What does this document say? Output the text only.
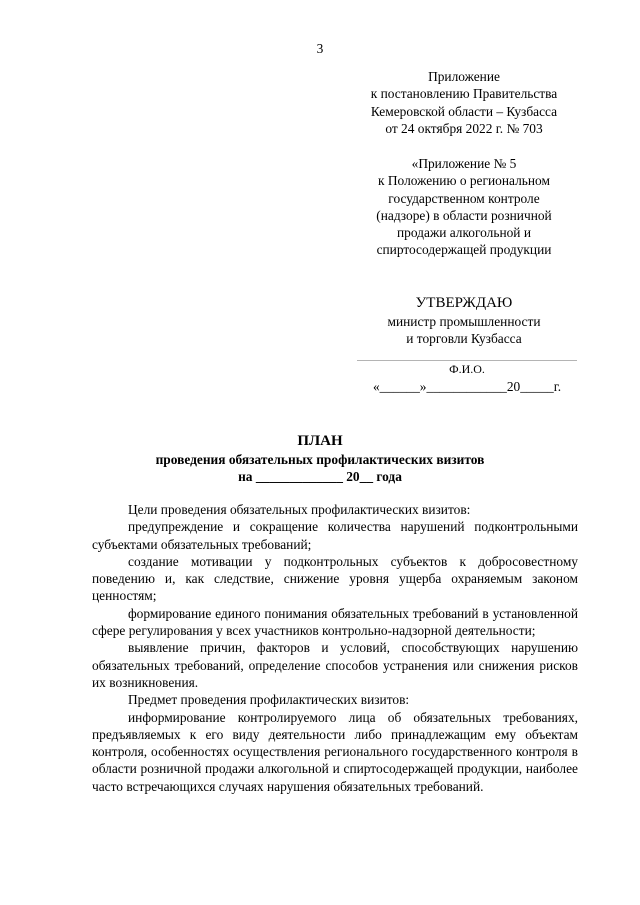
3
Приложение
к постановлению Правительства
Кемеровской области – Кузбасса
от 24 октября 2022 г. № 703
«Приложение № 5
к Положению о региональном
государственном контроле
(надзоре) в области розничной
продажи алкогольной и
спиртосодержащей продукции
УТВЕРЖДАЮ
министр промышленности
и торговли Кузбасса
Ф.И.О.
«______»____________20_____г.
ПЛАН
проведения обязательных профилактических визитов
на _____________ 20__ года

Цели проведения обязательных профилактических визитов:

предупреждение и сокращение количества нарушений подконтрольными субъектами обязательных требований;

создание мотивации у подконтрольных субъектов к добросовестному поведению и, как следствие, снижение уровня ущерба охраняемым законом ценностям;

формирование единого понимания обязательных требований в установленной сфере регулирования у всех участников контрольно-надзорной деятельности;

выявление причин, факторов и условий, способствующих нарушению обязательных требований, определение способов устранения или снижения рисков их возникновения.

Предмет проведения профилактических визитов:

информирование контролируемого лица об обязательных требованиях, предъявляемых к его виду деятельности либо принадлежащим ему объектам контроля, особенностях осуществления регионального государственного контроля в области розничной продажи алкогольной и спиртосодержащей продукции, наиболее часто встречающихся случаях нарушения обязательных требований.
